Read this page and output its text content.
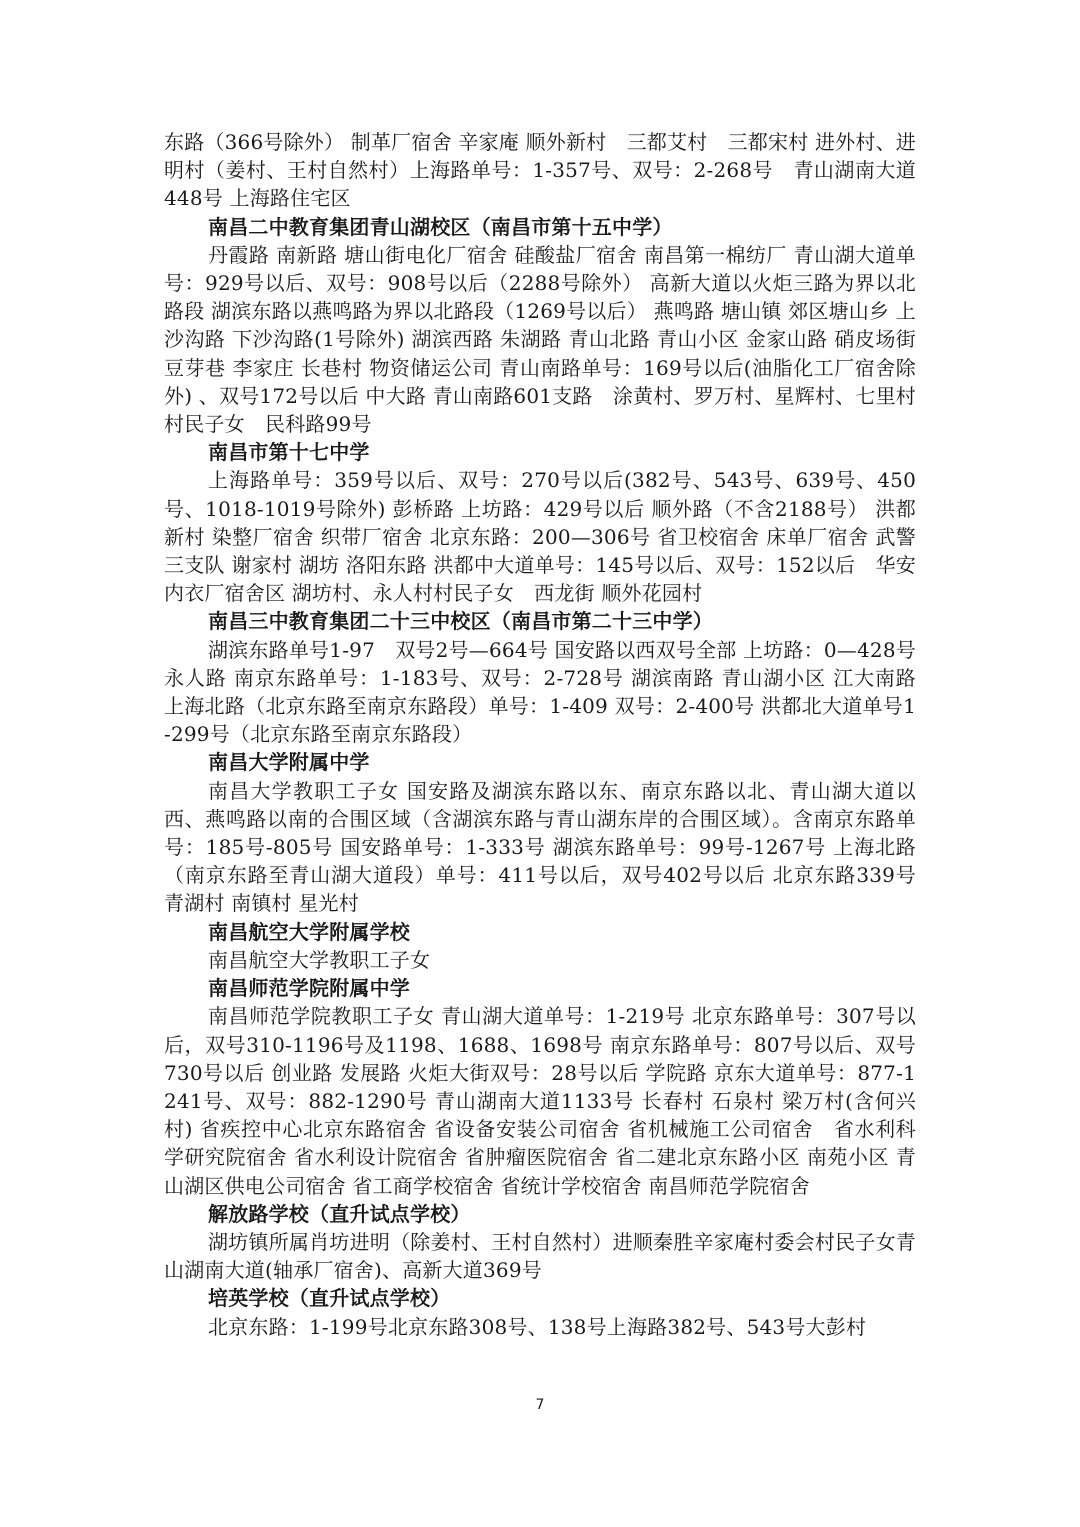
东路（366号除外） 制革厂宿舍 辛家庵 顺外新村　三都艾村　三都宋村 进外村、进明村（姜村、王村自然村）上海路单号：1-357号、双号：2-268号　青山湖南大道448号 上海路住宅区

南昌二中教育集团青山湖校区（南昌市第十五中学）

丹霞路 南新路 塘山街电化厂宿舍 硅酸盐厂宿舍 南昌第一棉纺厂 青山湖大道单号：929号以后、双号：908号以后（2288号除外） 高新大道以火炬三路为界以北路段 湖滨东路以燕鸣路为界以北路段（1269号以后） 燕鸣路 塘山镇 郊区塘山乡 上沙沟路 下沙沟路(1号除外) 湖滨西路 朱湖路 青山北路 青山小区 金家山路 硝皮场街 豆芽巷 李家庄 长巷村 物资储运公司 青山南路单号：169号以后(油脂化工厂宿舍除外) 、双号172号以后 中大路 青山南路601支路　涂黄村、罗万村、星辉村、七里村村民子女　民科路99号

南昌市第十七中学

上海路单号：359号以后、双号：270号以后(382号、543号、639号、450号、1018-1019号除外) 彭桥路 上坊路：429号以后 顺外路（不含2188号） 洪都新村 染整厂宿舍 织带厂宿舍 北京东路：200—306号 省卫校宿舍 床单厂宿舍 武警三支队 谢家村 湖坊 洛阳东路 洪都中大道单号：145号以后、双号：152以后　华安内衣厂宿舍区 湖坊村、永人村村民子女　西龙街 顺外花园村

南昌三中教育集团二十三中校区（南昌市第二十三中学）

湖滨东路单号1-97　双号2号—664号 国安路以西双号全部 上坊路：0—428号 永人路 南京东路单号：1-183号、双号：2-728号 湖滨南路 青山湖小区 江大南路　上海北路（北京东路至南京东路段）单号：1-409 双号：2-400号 洪都北大道单号1-299号（北京东路至南京东路段）

南昌大学附属中学

南昌大学教职工子女 国安路及湖滨东路以东、南京东路以北、青山湖大道以西、燕鸣路以南的合围区域（含湖滨东路与青山湖东岸的合围区域）。含南京东路单号：185号-805号 国安路单号：1-333号 湖滨东路单号：99号-1267号 上海北路（南京东路至青山湖大道段）单号：411号以后，双号402号以后 北京东路339号 青湖村 南镇村 星光村

南昌航空大学附属学校

南昌航空大学教职工子女

南昌师范学院附属中学

南昌师范学院教职工子女 青山湖大道单号：1-219号 北京东路单号：307号以后，双号310-1196号及1198、1688、1698号 南京东路单号：807号以后、双号730号以后 创业路 发展路 火炬大街双号：28号以后 学院路 京东大道单号：877-1241号、双号：882-1290号 青山湖南大道1133号 长春村 石泉村 梁万村(含何兴村) 省疾控中心北京东路宿舍 省设备安装公司宿舍 省机械施工公司宿舍　省水利科学研究院宿舍 省水利设计院宿舍 省肿瘤医院宿舍 省二建北京东路小区 南苑小区 青山湖区供电公司宿舍 省工商学校宿舍 省统计学校宿舍 南昌师范学院宿舍

解放路学校（直升试点学校）

湖坊镇所属肖坊进明（除姜村、王村自然村）进顺秦胜辛家庵村委会村民子女青山湖南大道(轴承厂宿舍)、高新大道369号

培英学校（直升试点学校）

北京东路：1-199号北京东路308号、138号上海路382号、543号大彭村

7
